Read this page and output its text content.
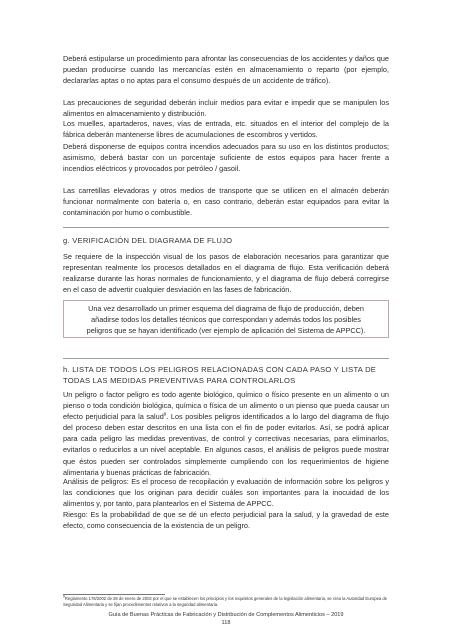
Deberá estipularse un procedimiento para afrontar las consecuencias de los accidentes y daños que puedan producirse cuando las mercancías estén en almacenamiento o reparto (por ejemplo, declararlas aptas o no aptas para el consumo después de un accidente de tráfico).

Las precauciones de seguridad deberán incluir medios para evitar e impedir que se manipulen los alimentos en almacenamiento y distribución.

Los muelles, apartaderos, naves, vías de entrada, etc. situados en el interior del complejo de la fábrica deberán mantenerse libres de acumulaciones de escombros y vertidos.

Deberá disponerse de equipos contra incendios adecuados para su uso en los distintos productos; asimismo, deberá bastar con un porcentaje suficiente de estos equipos para hacer frente a incendios eléctricos y provocados por petróleo / gasoil.

Las carretillas elevadoras y otros medios de transporte que se utilicen en el almacén deberán funcionar normalmente con batería o, en caso contrario, deberán estar equipados para evitar la contaminación por humo o combustible.

g. VERIFICACIÓN DEL DIAGRAMA DE FLUJO

Se requiere de la inspección visual de los pasos de elaboración necesarios para garantizar que representan realmente los procesos detallados en el diagrama de flujo. Esta verificación deberá realizarse durante las horas normales de funcionamiento, y el diagrama de flujo deberá corregirse en el caso de advertir cualquier desviación en las fases de fabricación.

Una vez desarrollado un primer esquema del diagrama de flujo de producción, deben añadirse todos los detalles técnicos que correspondan y además todos los posibles peligros que se hayan identificado (ver ejemplo de aplicación del Sistema de APPCC).

h. LISTA DE TODOS LOS PELIGROS RELACIONADAS CON CADA PASO Y LISTA DE TODAS LAS MEDIDAS PREVENTIVAS PARA CONTROLARLOS

Un peligro o factor peligro es todo agente biológico, químico o físico presente en un alimento o un pienso o toda condición biológica, química o física de un alimento o un pienso que pueda causar un efecto perjudicial para la salud$^9$. Los posibles peligros identificados a lo largo del diagrama de flujo del proceso deben estar descritos en una lista con el fin de poder evitarlos. Así, se podrá aplicar para cada peligro las medidas preventivas, de control y correctivas necesarias, para eliminarlos, evitarlos o reducirlos a un nivel aceptable. En algunos casos, el análisis de peligros puede mostrar que éstos pueden ser controlados simplemente cumpliendo con los requerimientos de higiene alimentaria y buenas prácticas de fabricación.

Análisis de peligros: Es el proceso de recopilación y evaluación de información sobre los peligros y las condiciones que los originan para decidir cuáles son importantes para la inocuidad de los alimentos y, por tanto, para plantearlos en el Sistema de APPCC.

Riesgo: Es la probabilidad de que se dé un efecto perjudicial para la salud, y la gravedad de este efecto, como consecuencia de la existencia de un peligro.

$^9$Reglamento 178/2002 de 28 de enero de 2002 por el que se establecen los principios y los requisitos generales de la legislación alimentaria, se crea la Autoridad Europea de Seguridad Alimentaria y se fijan procedimientos relativos a la seguridad alimentaria.

Guía de Buenas Prácticas de Fabricación y Distribución de Complementos Alimenticios – 2019

118
